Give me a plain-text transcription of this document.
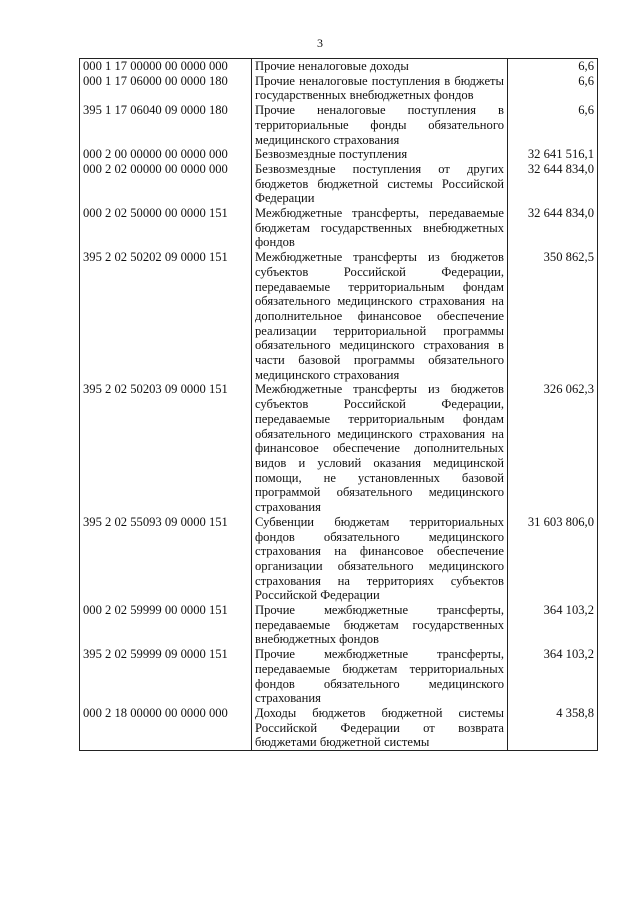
3
000 1 17 00000 00 0000 000	Прочие неналоговые доходы	6,6
000 1 17 06000 00 0000 180	Прочие неналоговые поступления в бюджеты государственных внебюджетных фондов	6,6
395 1 17 06040 09 0000 180	Прочие неналоговые поступления в территориальные фонды обязательного медицинского страхования	6,6
000 2 00 00000 00 0000 000	Безвозмездные поступления	32 641 516,1
000 2 02 00000 00 0000 000	Безвозмездные поступления от других бюджетов бюджетной системы Российской Федерации	32 644 834,0
000 2 02 50000 00 0000 151	Межбюджетные трансферты, передаваемые бюджетам государственных внебюджетных фондов	32 644 834,0
395 2 02 50202 09 0000 151	Межбюджетные трансферты из бюджетов субъектов Российской Федерации, передаваемые территориальным фондам обязательного медицинского страхования на дополнительное финансовое обеспечение реализации территориальной программы обязательного медицинского страхования в части базовой программы обязательного медицинского страхования	350 862,5
395 2 02 50203 09 0000 151	Межбюджетные трансферты из бюджетов субъектов Российской Федерации, передаваемые территориальным фондам обязательного медицинского страхования на финансовое обеспечение дополнительных видов и условий оказания медицинской помощи, не установленных базовой программой обязательного медицинского страхования	326 062,3
395 2 02 55093 09 0000 151	Субвенции бюджетам территориальных фондов обязательного медицинского страхования на финансовое обеспечение организации обязательного медицинского страхования на территориях субъектов Российской Федерации	31 603 806,0
000 2 02 59999 00 0000 151	Прочие межбюджетные трансферты, передаваемые бюджетам государственных внебюджетных фондов	364 103,2
395 2 02 59999 09 0000 151	Прочие межбюджетные трансферты, передаваемые бюджетам территориальных фондов обязательного медицинского страхования	364 103,2
000 2 18 00000 00 0000 000	Доходы бюджетов бюджетной системы Российской Федерации от возврата бюджетами бюджетной системы	4 358,8
